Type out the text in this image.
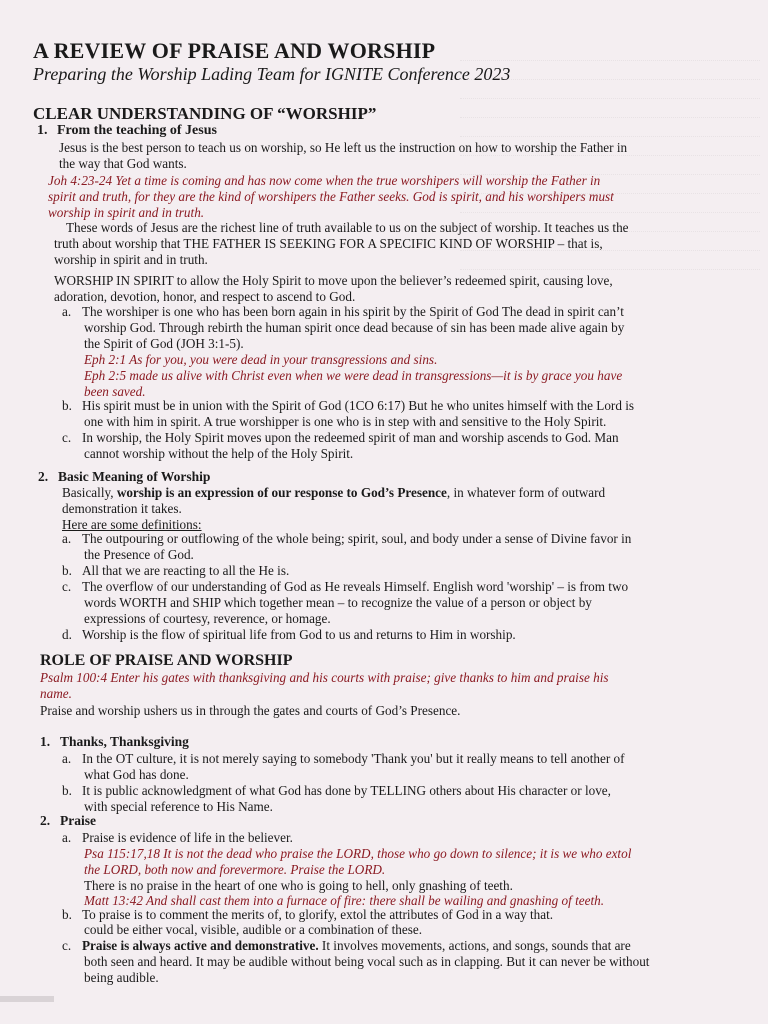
A REVIEW OF PRAISE AND WORSHIP
Preparing the Worship Lading Team for IGNITE Conference 2023
CLEAR UNDERSTANDING OF “WORSHIP”
1. From the teaching of Jesus
Jesus is the best person to teach us on worship, so He left us the instruction on how to worship the Father in
the way that God wants.
Joh 4:23-24 Yet a time is coming and has now come when the true worshipers will worship the Father in
spirit and truth, for they are the kind of worshipers the Father seeks. God is spirit, and his worshipers must
worship in spirit and in truth.
These words of Jesus are the richest line of truth available to us on the subject of worship. It teaches us the
truth about worship that THE FATHER IS SEEKING FOR A SPECIFIC KIND OF WORSHIP – that is,
worship in spirit and in truth.
WORSHIP IN SPIRIT to allow the Holy Spirit to move upon the believer’s redeemed spirit, causing love,
adoration, devotion, honor, and respect to ascend to God.
a. The worshiper is one who has been born again in his spirit by the Spirit of God The dead in spirit can’t
worship God. Through rebirth the human spirit once dead because of sin has been made alive again by
the Spirit of God (JOH 3:1-5).
Eph 2:1 As for you, you were dead in your transgressions and sins.
Eph 2:5 made us alive with Christ even when we were dead in transgressions—it is by grace you have
been saved.
b. His spirit must be in union with the Spirit of God (1CO 6:17) But he who unites himself with the Lord is
one with him in spirit. A true worshipper is one who is in step with and sensitive to the Holy Spirit.
c. In worship, the Holy Spirit moves upon the redeemed spirit of man and worship ascends to God. Man
cannot worship without the help of the Holy Spirit.
2. Basic Meaning of Worship
Basically, worship is an expression of our response to God’s Presence, in whatever form of outward
demonstration it takes.
Here are some definitions:
a. The outpouring or outflowing of the whole being; spirit, soul, and body under a sense of Divine favor in
the Presence of God.
b. All that we are reacting to all the He is.
c. The overflow of our understanding of God as He reveals Himself. English word 'worship' – is from two
words WORTH and SHIP which together mean – to recognize the value of a person or object by
expressions of courtesy, reverence, or homage.
d. Worship is the flow of spiritual life from God to us and returns to Him in worship.
ROLE OF PRAISE AND WORSHIP
Psalm 100:4 Enter his gates with thanksgiving and his courts with praise; give thanks to him and praise his
name.
Praise and worship ushers us in through the gates and courts of God’s Presence.
1. Thanks, Thanksgiving
a. In the OT culture, it is not merely saying to somebody 'Thank you' but it really means to tell another of
what God has done.
b. It is public acknowledgment of what God has done by TELLING others about His character or love,
with special reference to His Name.
2. Praise
a. Praise is evidence of life in the believer.
Psa 115:17,18 It is not the dead who praise the LORD, those who go down to silence; it is we who extol
the LORD, both now and forevermore. Praise the LORD.
There is no praise in the heart of one who is going to hell, only gnashing of teeth.
Matt 13:42 And shall cast them into a furnace of fire: there shall be wailing and gnashing of teeth.
b. To praise is to comment the merits of, to glorify, extol the attributes of God in a way that.
could be either vocal, visible, audible or a combination of these.
c. Praise is always active and demonstrative. It involves movements, actions, and songs, sounds that are
both seen and heard. It may be audible without being vocal such as in clapping. But it can never be without
being audible.
